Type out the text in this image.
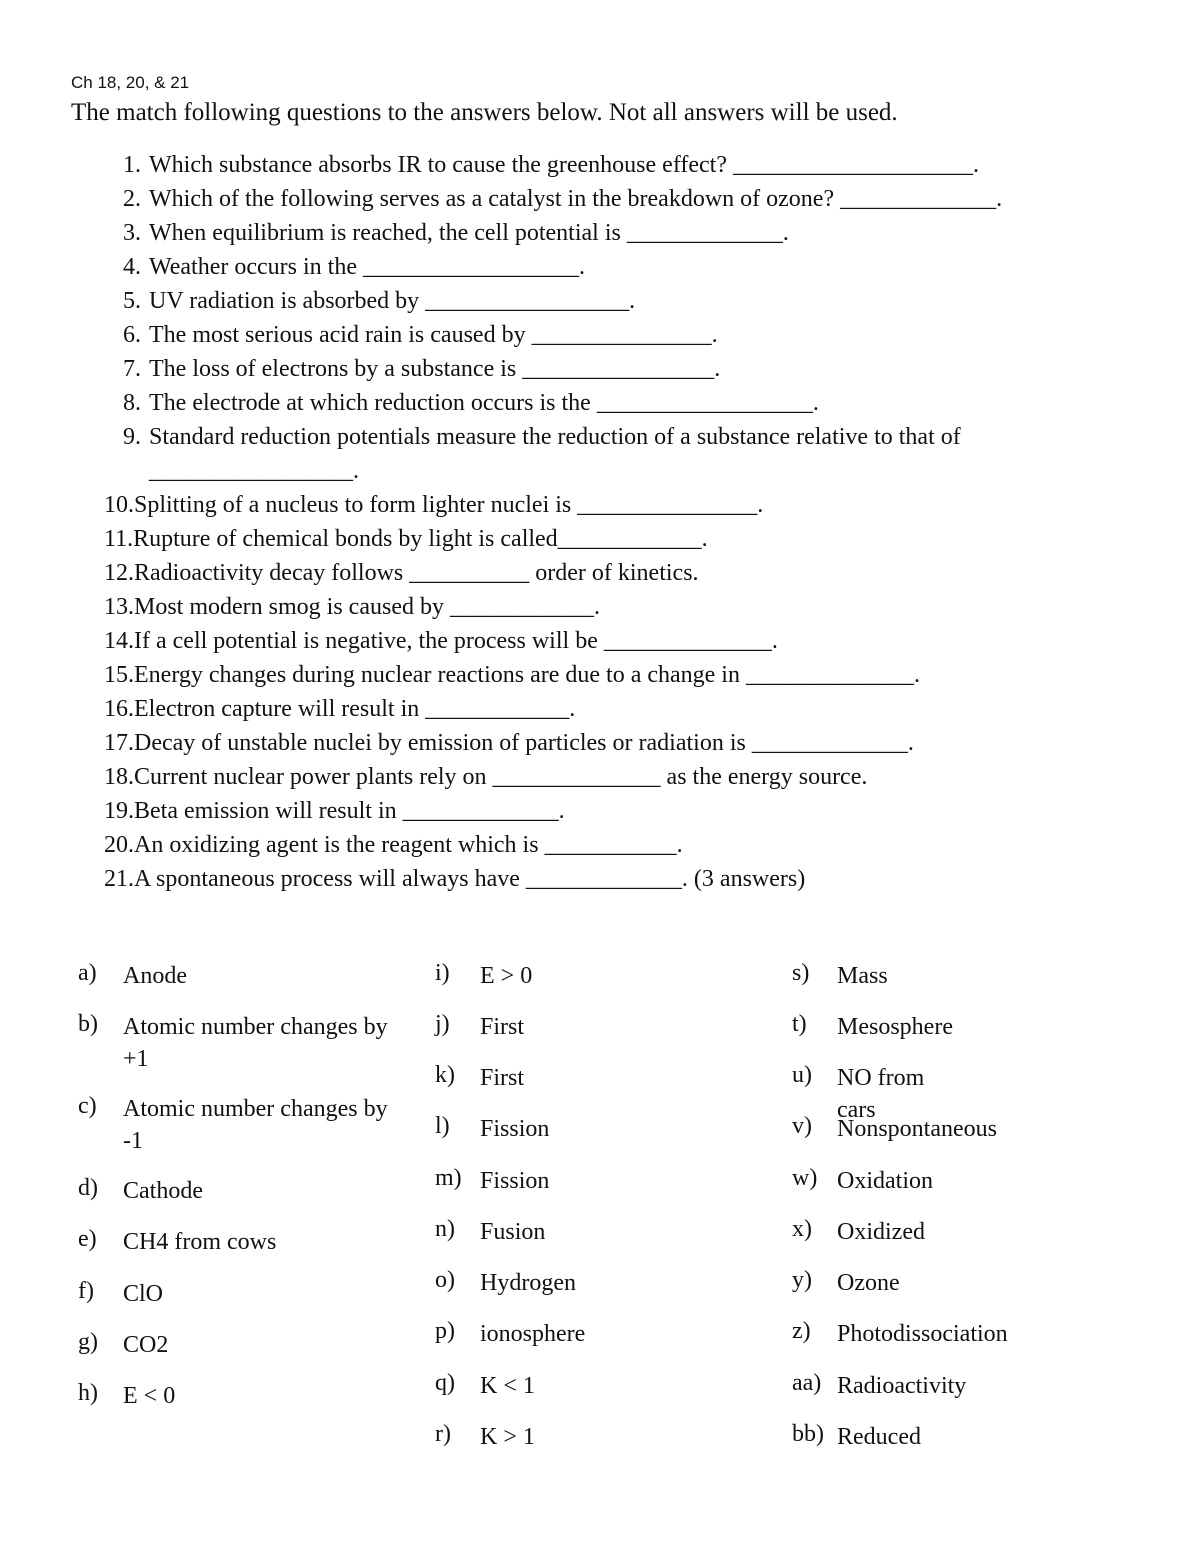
Ch 18, 20, & 21
The match following questions to the answers below. Not all answers will be used.
1. Which substance absorbs IR to cause the greenhouse effect? ____________________.
2. Which of the following serves as a catalyst in the breakdown of ozone? _____________.
3. When equilibrium is reached, the cell potential is _____________.
4. Weather occurs in the __________________.
5. UV radiation is absorbed by _________________.
6. The most serious acid rain is caused by _______________.
7. The loss of electrons by a substance is ________________.
8. The electrode at which reduction occurs is the __________________.
9. Standard reduction potentials measure the reduction of a substance relative to that of _________________.
10.Splitting of a nucleus to form lighter nuclei is _______________.
11.Rupture of chemical bonds by light is called____________.
12.Radioactivity decay follows __________ order of kinetics.
13.Most modern smog is caused by ____________.
14.If a cell potential is negative, the process will be ______________.
15.Energy changes during nuclear reactions are due to a change in ______________.
16.Electron capture will result in ____________.
17.Decay of unstable nuclei by emission of particles or radiation is _____________.
18.Current nuclear power plants rely on ______________ as the energy source.
19.Beta emission will result in _____________.
20.An oxidizing agent is the reagent which is ___________.
21.A spontaneous process will always have _____________. (3 answers)
a) Anode
b) Atomic number changes by +1
c) Atomic number changes by -1
d) Cathode
e) CH4 from cows
f) ClO
g) CO2
h) E < 0
i) E > 0
j) First
k) First
l) Fission
m) Fission
n) Fusion
o) Hydrogen
p) ionosphere
q) K < 1
r) K > 1
s) Mass
t) Mesosphere
u) NO from cars
v) Nonspontaneous
w) Oxidation
x) Oxidized
y) Ozone
z) Photodissociation
aa) Radioactivity
bb) Reduced
